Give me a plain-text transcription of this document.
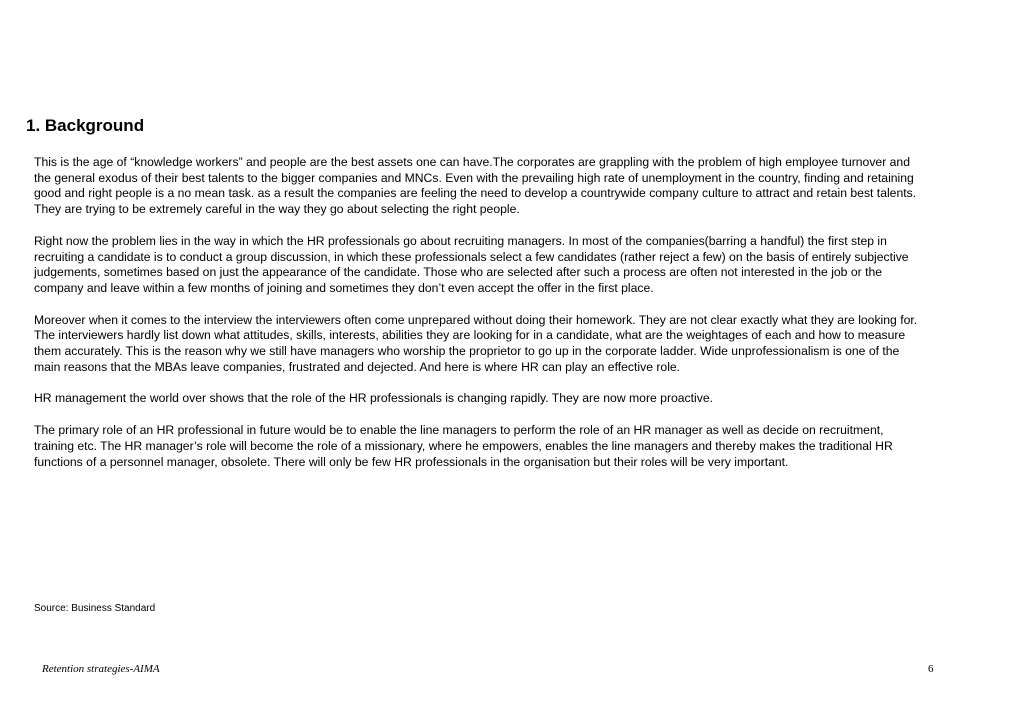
1. Background

This is the age of “knowledge workers” and people are the best assets one can have.The corporates are grappling with the problem of high employee turnover and the general exodus of their best talents to the bigger companies and MNCs. Even with the prevailing high rate of unemployment in the country, finding and retaining good and right people is a no mean task. as a result the companies are feeling the need to develop a countrywide company culture to attract and retain best talents. They are trying to be extremely careful in the way they go about selecting the right people.

Right now the problem lies in the way in which the HR professionals go about recruiting managers. In most of the companies(barring a handful) the first step in recruiting a candidate is to conduct a group discussion, in which these professionals select a few candidates (rather reject a few) on the basis of entirely subjective judgements, sometimes based on just the appearance of the candidate. Those who are selected after such a process are often not interested in the job or the company and leave within a few months of joining and sometimes they don’t even accept the offer in the first place.

Moreover when it comes to the interview the interviewers often come unprepared without doing their homework. They are not clear exactly what they are looking for. The interviewers hardly list down what attitudes, skills, interests, abilities they are looking for in a candidate, what are the weightages of each and how to measure them accurately. This is the reason why we still have managers who worship the proprietor to go up in the corporate ladder. Wide unprofessionalism is one of the main reasons that the MBAs leave companies, frustrated and dejected. And here is where HR can play an effective role.

HR management the world over shows that the role of the HR professionals is changing rapidly. They are now more proactive.

The primary role of an HR professional in future would be to enable the line managers to perform the role of an HR manager as well as decide on recruitment, training etc. The HR manager’s role will become the role of a missionary, where he empowers, enables the line managers and thereby makes the traditional HR functions of a personnel manager, obsolete. There will only be few HR professionals in the organisation but their roles will be very important.

Source: Business Standard

Retention strategies-AIMA	6
